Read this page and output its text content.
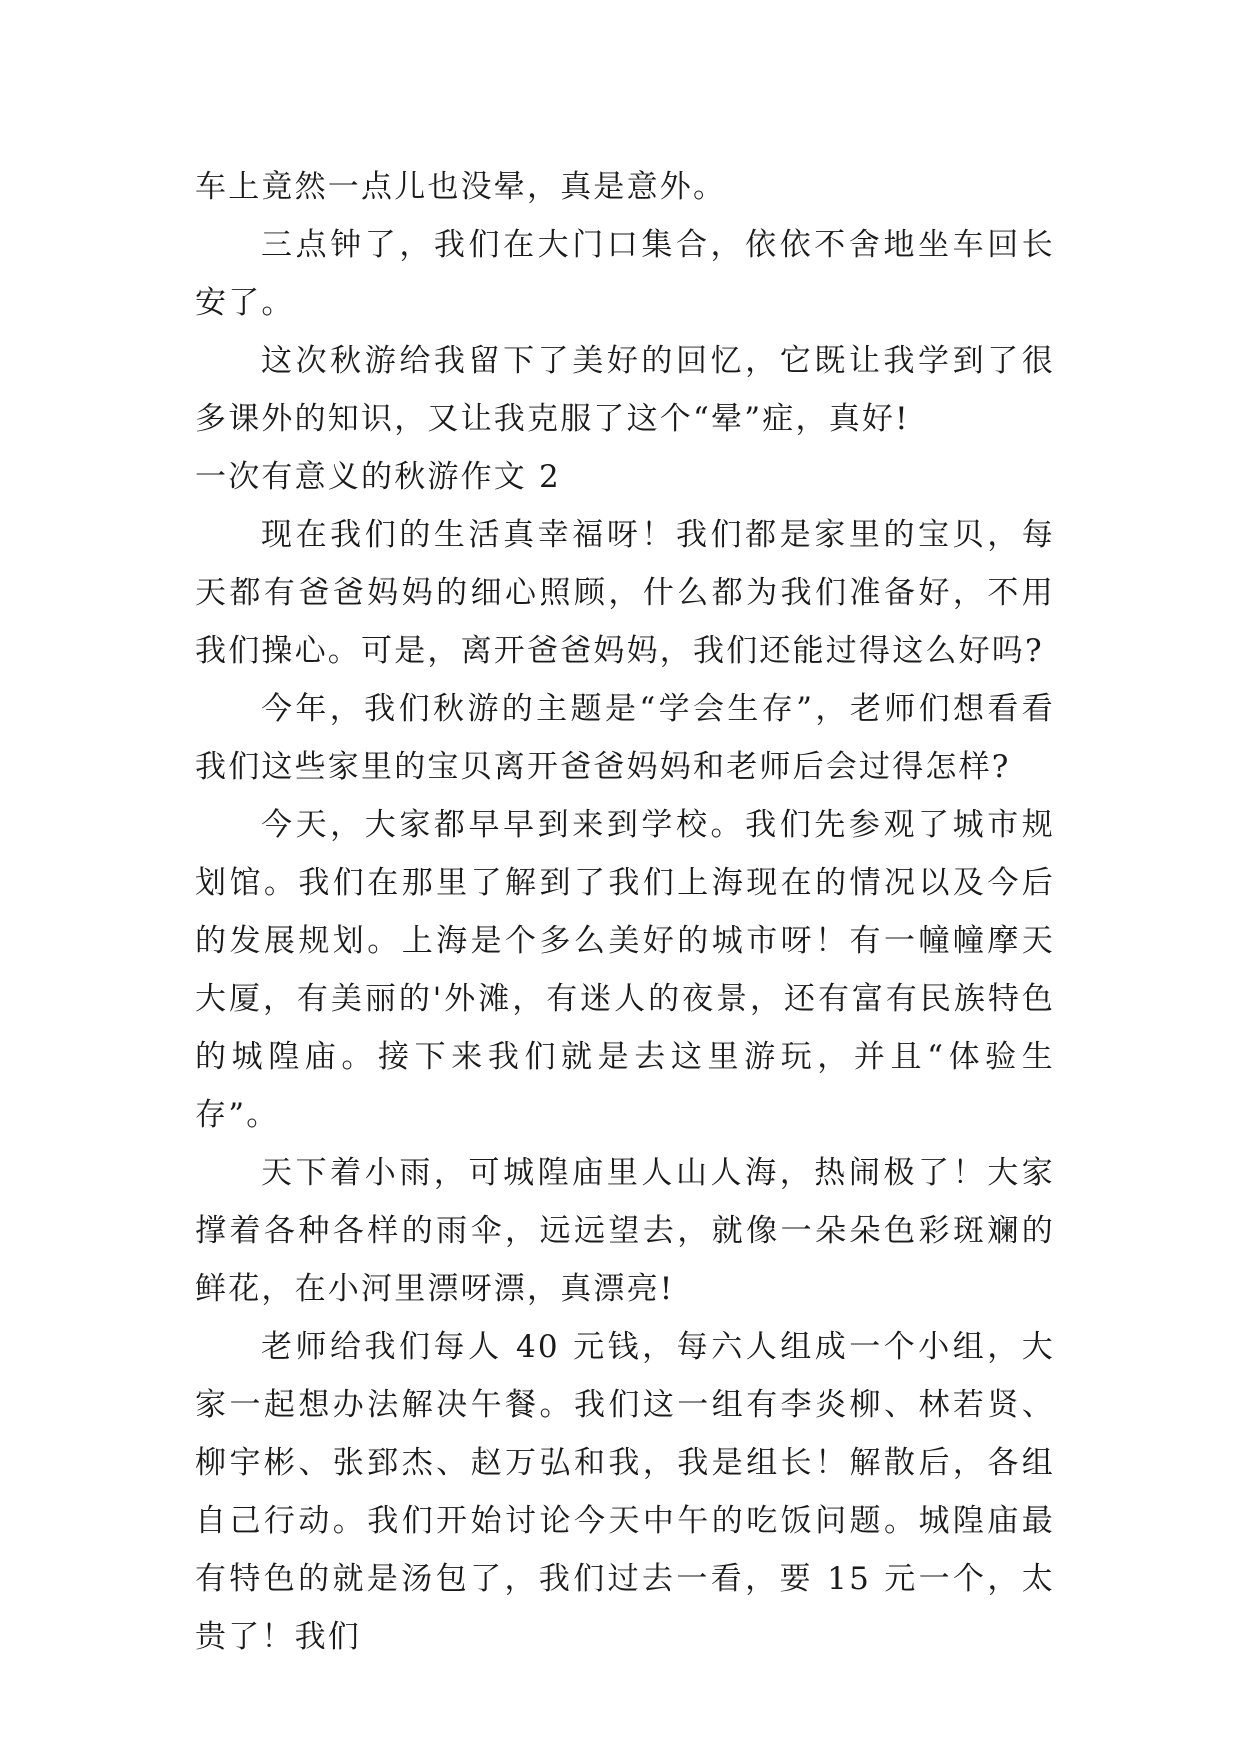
车上竟然一点儿也没晕，真是意外。

三点钟了，我们在大门口集合，依依不舍地坐车回长安了。

这次秋游给我留下了美好的回忆，它既让我学到了很多课外的知识，又让我克服了这个“晕”症，真好!

一次有意义的秋游作文 2

现在我们的生活真幸福呀！我们都是家里的宝贝，每天都有爸爸妈妈的细心照顾，什么都为我们准备好，不用我们操心。可是，离开爸爸妈妈，我们还能过得这么好吗?

今年，我们秋游的主题是“学会生存”，老师们想看看我们这些家里的宝贝离开爸爸妈妈和老师后会过得怎样?

今天，大家都早早到来到学校。我们先参观了城市规划馆。我们在那里了解到了我们上海现在的情况以及今后的发展规划。上海是个多么美好的城市呀！有一幢幢摩天大厦，有美丽的'外滩，有迷人的夜景，还有富有民族特色的城隍庙。接下来我们就是去这里游玩，并且“体验生存”。

天下着小雨，可城隍庙里人山人海，热闹极了！大家撑着各种各样的雨伞，远远望去，就像一朵朵色彩斑斓的鲜花，在小河里漂呀漂，真漂亮!

老师给我们每人 40 元钱，每六人组成一个小组，大家一起想办法解决午餐。我们这一组有李炎柳、林若贤、柳宇彬、张郅杰、赵万弘和我，我是组长！解散后，各组自己行动。我们开始讨论今天中午的吃饭问题。城隍庙最有特色的就是汤包了，我们过去一看，要 15 元一个，太贵了！我们
